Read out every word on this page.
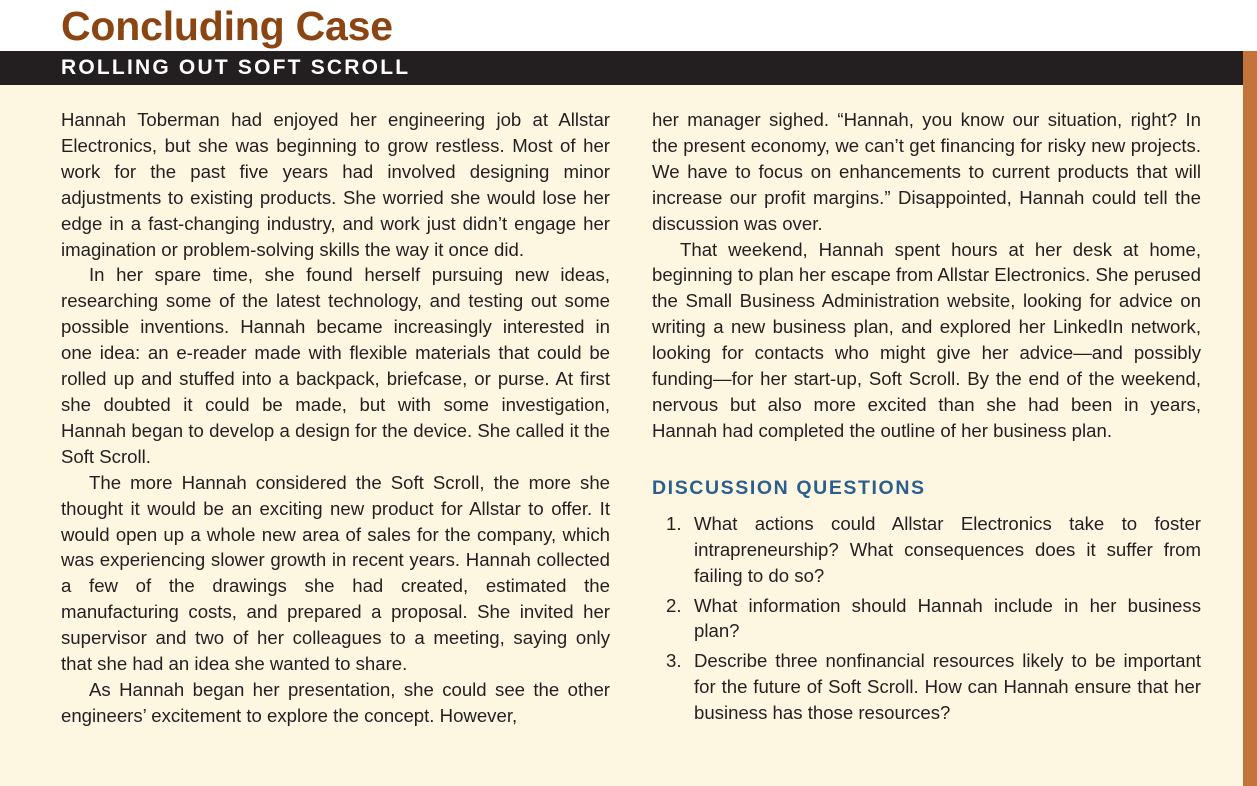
Concluding Case
ROLLING OUT SOFT SCROLL

Hannah Toberman had enjoyed her engineering job at Allstar Electronics, but she was beginning to grow restless. Most of her work for the past five years had involved designing minor adjustments to existing products. She worried she would lose her edge in a fast-changing industry, and work just didn’t engage her imagination or problem-solving skills the way it once did.

In her spare time, she found herself pursuing new ideas, researching some of the latest technology, and testing out some possible inventions. Hannah became increasingly interested in one idea: an e-reader made with flexible materials that could be rolled up and stuffed into a backpack, briefcase, or purse. At first she doubted it could be made, but with some investigation, Hannah began to develop a design for the device. She called it the Soft Scroll.

The more Hannah considered the Soft Scroll, the more she thought it would be an exciting new product for Allstar to offer. It would open up a whole new area of sales for the company, which was experiencing slower growth in recent years. Hannah collected a few of the drawings she had created, estimated the manufacturing costs, and prepared a proposal. She invited her supervisor and two of her colleagues to a meeting, saying only that she had an idea she wanted to share.

As Hannah began her presentation, she could see the other engineers’ excitement to explore the concept. However,

her manager sighed. “Hannah, you know our situation, right? In the present economy, we can’t get financing for risky new projects. We have to focus on enhancements to current products that will increase our profit margins.” Disappointed, Hannah could tell the discussion was over.

That weekend, Hannah spent hours at her desk at home, beginning to plan her escape from Allstar Electronics. She perused the Small Business Administration website, looking for advice on writing a new business plan, and explored her LinkedIn network, looking for contacts who might give her advice—and possibly funding—for her start-up, Soft Scroll. By the end of the weekend, nervous but also more excited than she had been in years, Hannah had completed the outline of her business plan.

DISCUSSION QUESTIONS
1. What actions could Allstar Electronics take to foster intrapreneurship? What consequences does it suffer from failing to do so?
2. What information should Hannah include in her business plan?
3. Describe three nonfinancial resources likely to be important for the future of Soft Scroll. How can Hannah ensure that her business has those resources?
